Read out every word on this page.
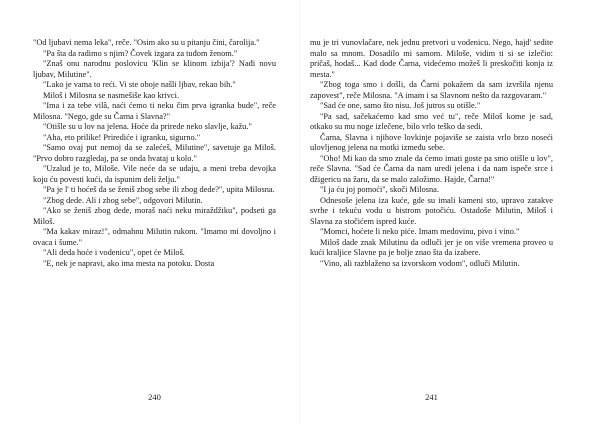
"Od ljubavi nema leka", reče. "Osim ako su u pitanju čini, čarolija."

"Pa šta da radimo s njim? Čovek izgara za tuđom ženom."

"Znaš onu narodnu poslovicu 'Klin se klinom izbija'? Nađi novu ljubav, Milutine".

"Lako je vama to reći. Vi ste oboje našli ljbav, rekao bih."

Miloš i Milosna se nasmešiše kao krivci.

"Ima i za tebe vilâ, naći ćemo ti neku čim prva igranka bude", reče Milosna. "Nego, gde su Čarna i Slavna?"

"Otišle su u lov na jelena. Hoće da prirede neko slavlje, kažu."

"Aha, eto prilike! Prirediće i igranku, sigurno."

"Samo ovaj put nemoj da se zalećeš, Milutine", savetuje ga Miloš. "Prvo dobro razgledaj, pa se onda hvataj u kolo."

"Uzalud je to, Miloše. Vile neće da se udaju, a meni treba devojka koju ću povesti kući, da ispunim deli želju."

"Pa je l' ti hoćeš da se ženiš zbog sebe ili zbog dede?", upita Milosna.

"Zbog dede. Ali i zbog sebe", odgovori Milutin.

"Ako se ženiš zbog dede, moraš naći neku miraždžiku", podseti ga Miloš.

"Ma kakav miraz!", odmahnu Milutin rukom. "Imamo mi dovoljno i ovaca i šume."

"Ali deda hoće i vodenicu", opet će Miloš.

"E, nek je napravi, ako ima mesta na potoku. Dosta

240

mu je tri vunovlačare, nek jednu pretvori u vodenicu. Nego, hajd' sedite malo sa mnom. Dosadilo mi samom. Miloše, vidim ti si se izlečio: pričaš, hodaš... Kad dođe Čarna, videćemo možeš li preskočiti konja iz mesta."

"Zbog toga smo i došli, da Čarni pokažem da sam izvršila njenu zapovest", reče Milosna. "A imam i sa Slavnom nešto da razgovaram."

"Sad će one, samo što nisu. Još jutros su otišle."

"Pa sad, sačekaćemo kad smo već tu", reče Miloš kome je sad, otkako su mu noge izlečene, bilo vrlo teško da sedi.

Čarna, Slavna i njihove lovkinje pojaviše se zaista vrlo brzo noseći ulovljenog jelena na motki između sebe.

"Oho! Mi kao da smo znale da ćemo imati goste pa smo otišle u lov", reče Slavna. "Sad će Čarna da nam uredi jelena i da nam ispeče srce i džigericu na žaru, da se malo založimo. Hajde, Čarna!"

"I ja ću joj pomoći", skoči Milosna.

Odnesoše jelena iza kuće, gde su imali kameni sto, upravo zatakve svrhe i tekuću vodu u bistrom potočiću. Ostadoše Milutin, Miloš i Slavna za stočićem ispred kuće.

"Momci, hoćete li neko piće. Imam medovinu, pivo i vino."

Miloš dade znak Milutinu da odluči jer je on više vremena proveo u kući kraljice Slavne pa je bolje znao šta da izabere.

"Vino, ali razblaženo sa izvorskom vodom", odluči Milutin.

241
